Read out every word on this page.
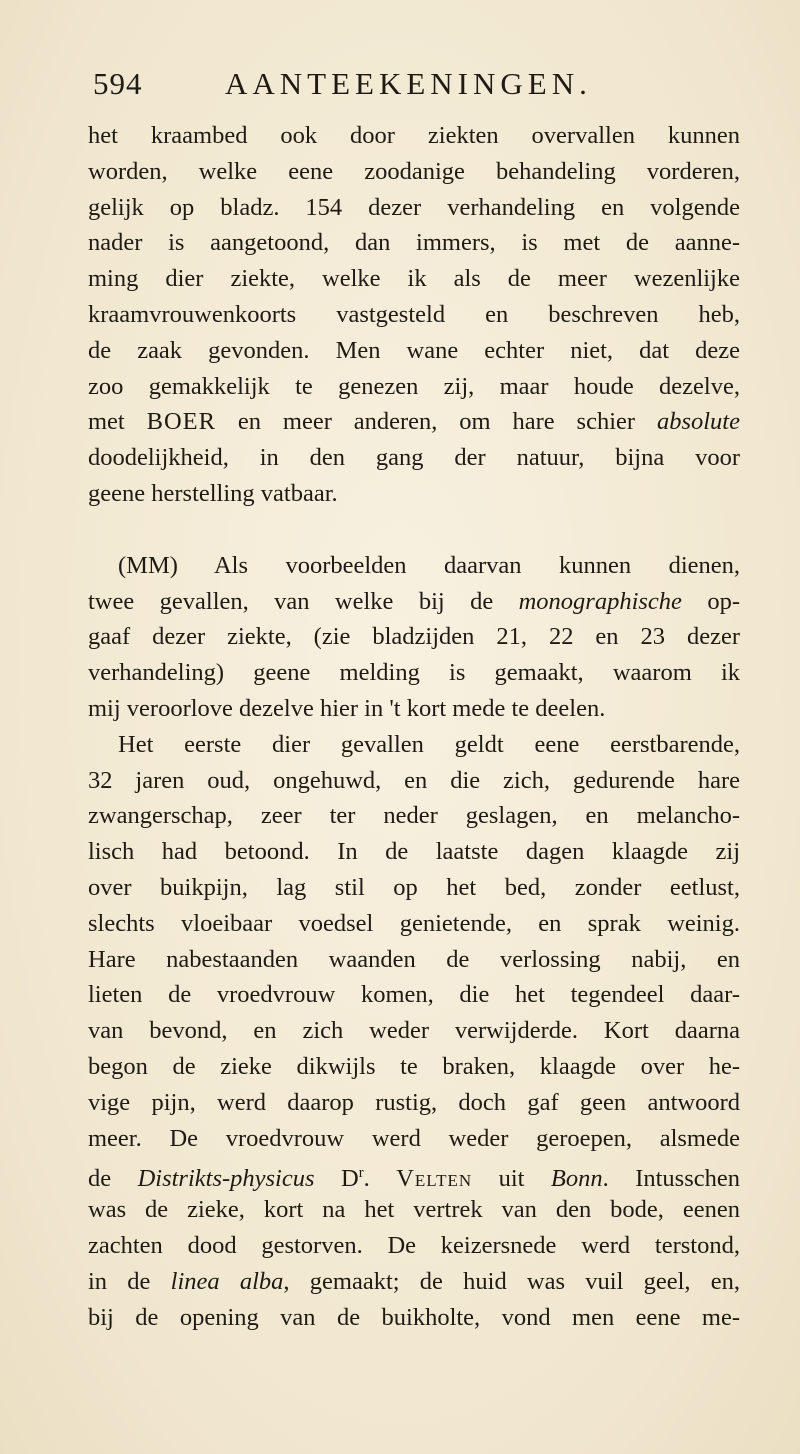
594	AANTEEKENINGEN.
het kraambed ook door ziekten overvallen kunnen
worden, welke eene zoodanige behandeling vorderen,
gelijk op bladz. 154 dezer verhandeling en volgende
nader is aangetoond, dan immers, is met de aanne-
ming dier ziekte, welke ik als de meer wezenlijke
kraamvrouwenkoorts vastgesteld en beschreven heb,
de zaak gevonden. Men wane echter niet, dat deze
zoo gemakkelijk te genezen zij, maar houde dezelve,
met BOER en meer anderen, om hare schier absolute
doodelijkheid, in den gang der natuur, bijna voor
geene herstelling vatbaar.
(MM) Als voorbeelden daarvan kunnen dienen,
twee gevallen, van welke bij de monographische op-
gaaf dezer ziekte, (zie bladzijden 21, 22 en 23 dezer
verhandeling) geene melding is gemaakt, waarom ik
mij veroorlove dezelve hier in 't kort mede te deelen.
Het eerste dier gevallen geldt eene eerstbarende,
32 jaren oud, ongehuwd, en die zich, gedurende hare
zwangerschap, zeer ter neder geslagen, en melancho-
lisch had betoond. In de laatste dagen klaagde zij
over buikpijn, lag stil op het bed, zonder eetlust,
slechts vloeibaar voedsel genietende, en sprak weinig.
Hare nabestaanden waanden de verlossing nabij, en
lieten de vroedvrouw komen, die het tegendeel daar-
van bevond, en zich weder verwijderde. Kort daarna
begon de zieke dikwijls te braken, klaagde over he-
vige pijn, werd daarop rustig, doch gaf geen antwoord
meer. De vroedvrouw werd weder geroepen, alsmede
de Distrikts-physicus $D^r$. Velten uit Bonn. Intusschen
was de zieke, kort na het vertrek van den bode, eenen
zachten dood gestorven. De keizersnede werd terstond,
in de linea alba, gemaakt; de huid was vuil geel, en,
bij de opening van de buikholte, vond men eene me-
